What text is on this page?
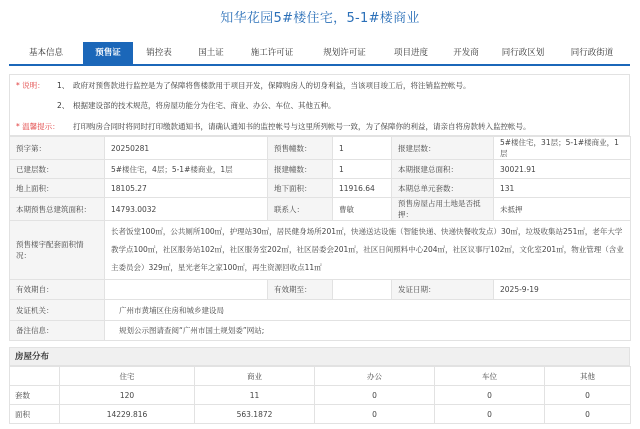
知华花园5#楼住宅，5-1#楼商业
基本信息	预售证	销控表	国土证	施工许可证	规划许可证	项目进度	开发商	同行政区划	同行政街道
* 说明： 1、 政府对预售款进行监控是为了保障将售楼款用于项目开发，保障购房人的切身利益，当该项目竣工后，将注销监控帐号。
2、 根据建设部的技术规范，将房屋功能分为住宅、商业、办公、车位、其他五种。
* 温馨提示： 打印购房合同时将同时打印缴款通知书，请确认通知书的监控帐号与这里所列帐号一致，为了保障你的利益，请亲自将房款转入监控帐号。
预字第：	20250281	预售幢数：	1	报建层数：	5#楼住宅，31层；5-1#楼商业，1层
已建层数：	5#楼住宅，4层；5-1#楼商业，1层	报建幢数：	1	本期报建总面积：	30021.91
地上面积：	18105.27	地下面积：	11916.64	本期总单元套数：	131
本期预售总建筑面积：	14793.0032	联系人：	曹敏	预售房屋占用土地是否抵押：	未抵押
预售楼宇配套面积情况：	长者饭堂100㎡，公共厕所100㎡，护理站30㎡，居民健身场所201㎡，快递送达设施（智能快递、快递快餐收发点）30㎡，垃圾收集站251㎡，老年大学教学点100㎡，社区服务站102㎡，社区服务室202㎡，社区居委会201㎡，社区日间照料中心204㎡，社区议事厅102㎡，文化室201㎡，物业管理（含业主委员会）329㎡，星光老年之家100㎡，再生资源回收点11㎡				
有效期自：		有效期至：		发证日期：	2025-9-19
发证机关：	广州市黄埔区住房和城乡建设局				
备注信息：	规划公示图请查阅“广州市国土规划委”网站;				
房屋分布
	住宅	商业	办公	车位	其他
套数	120	11	0	0	0
面积	14229.816	563.1872	0	0	0
